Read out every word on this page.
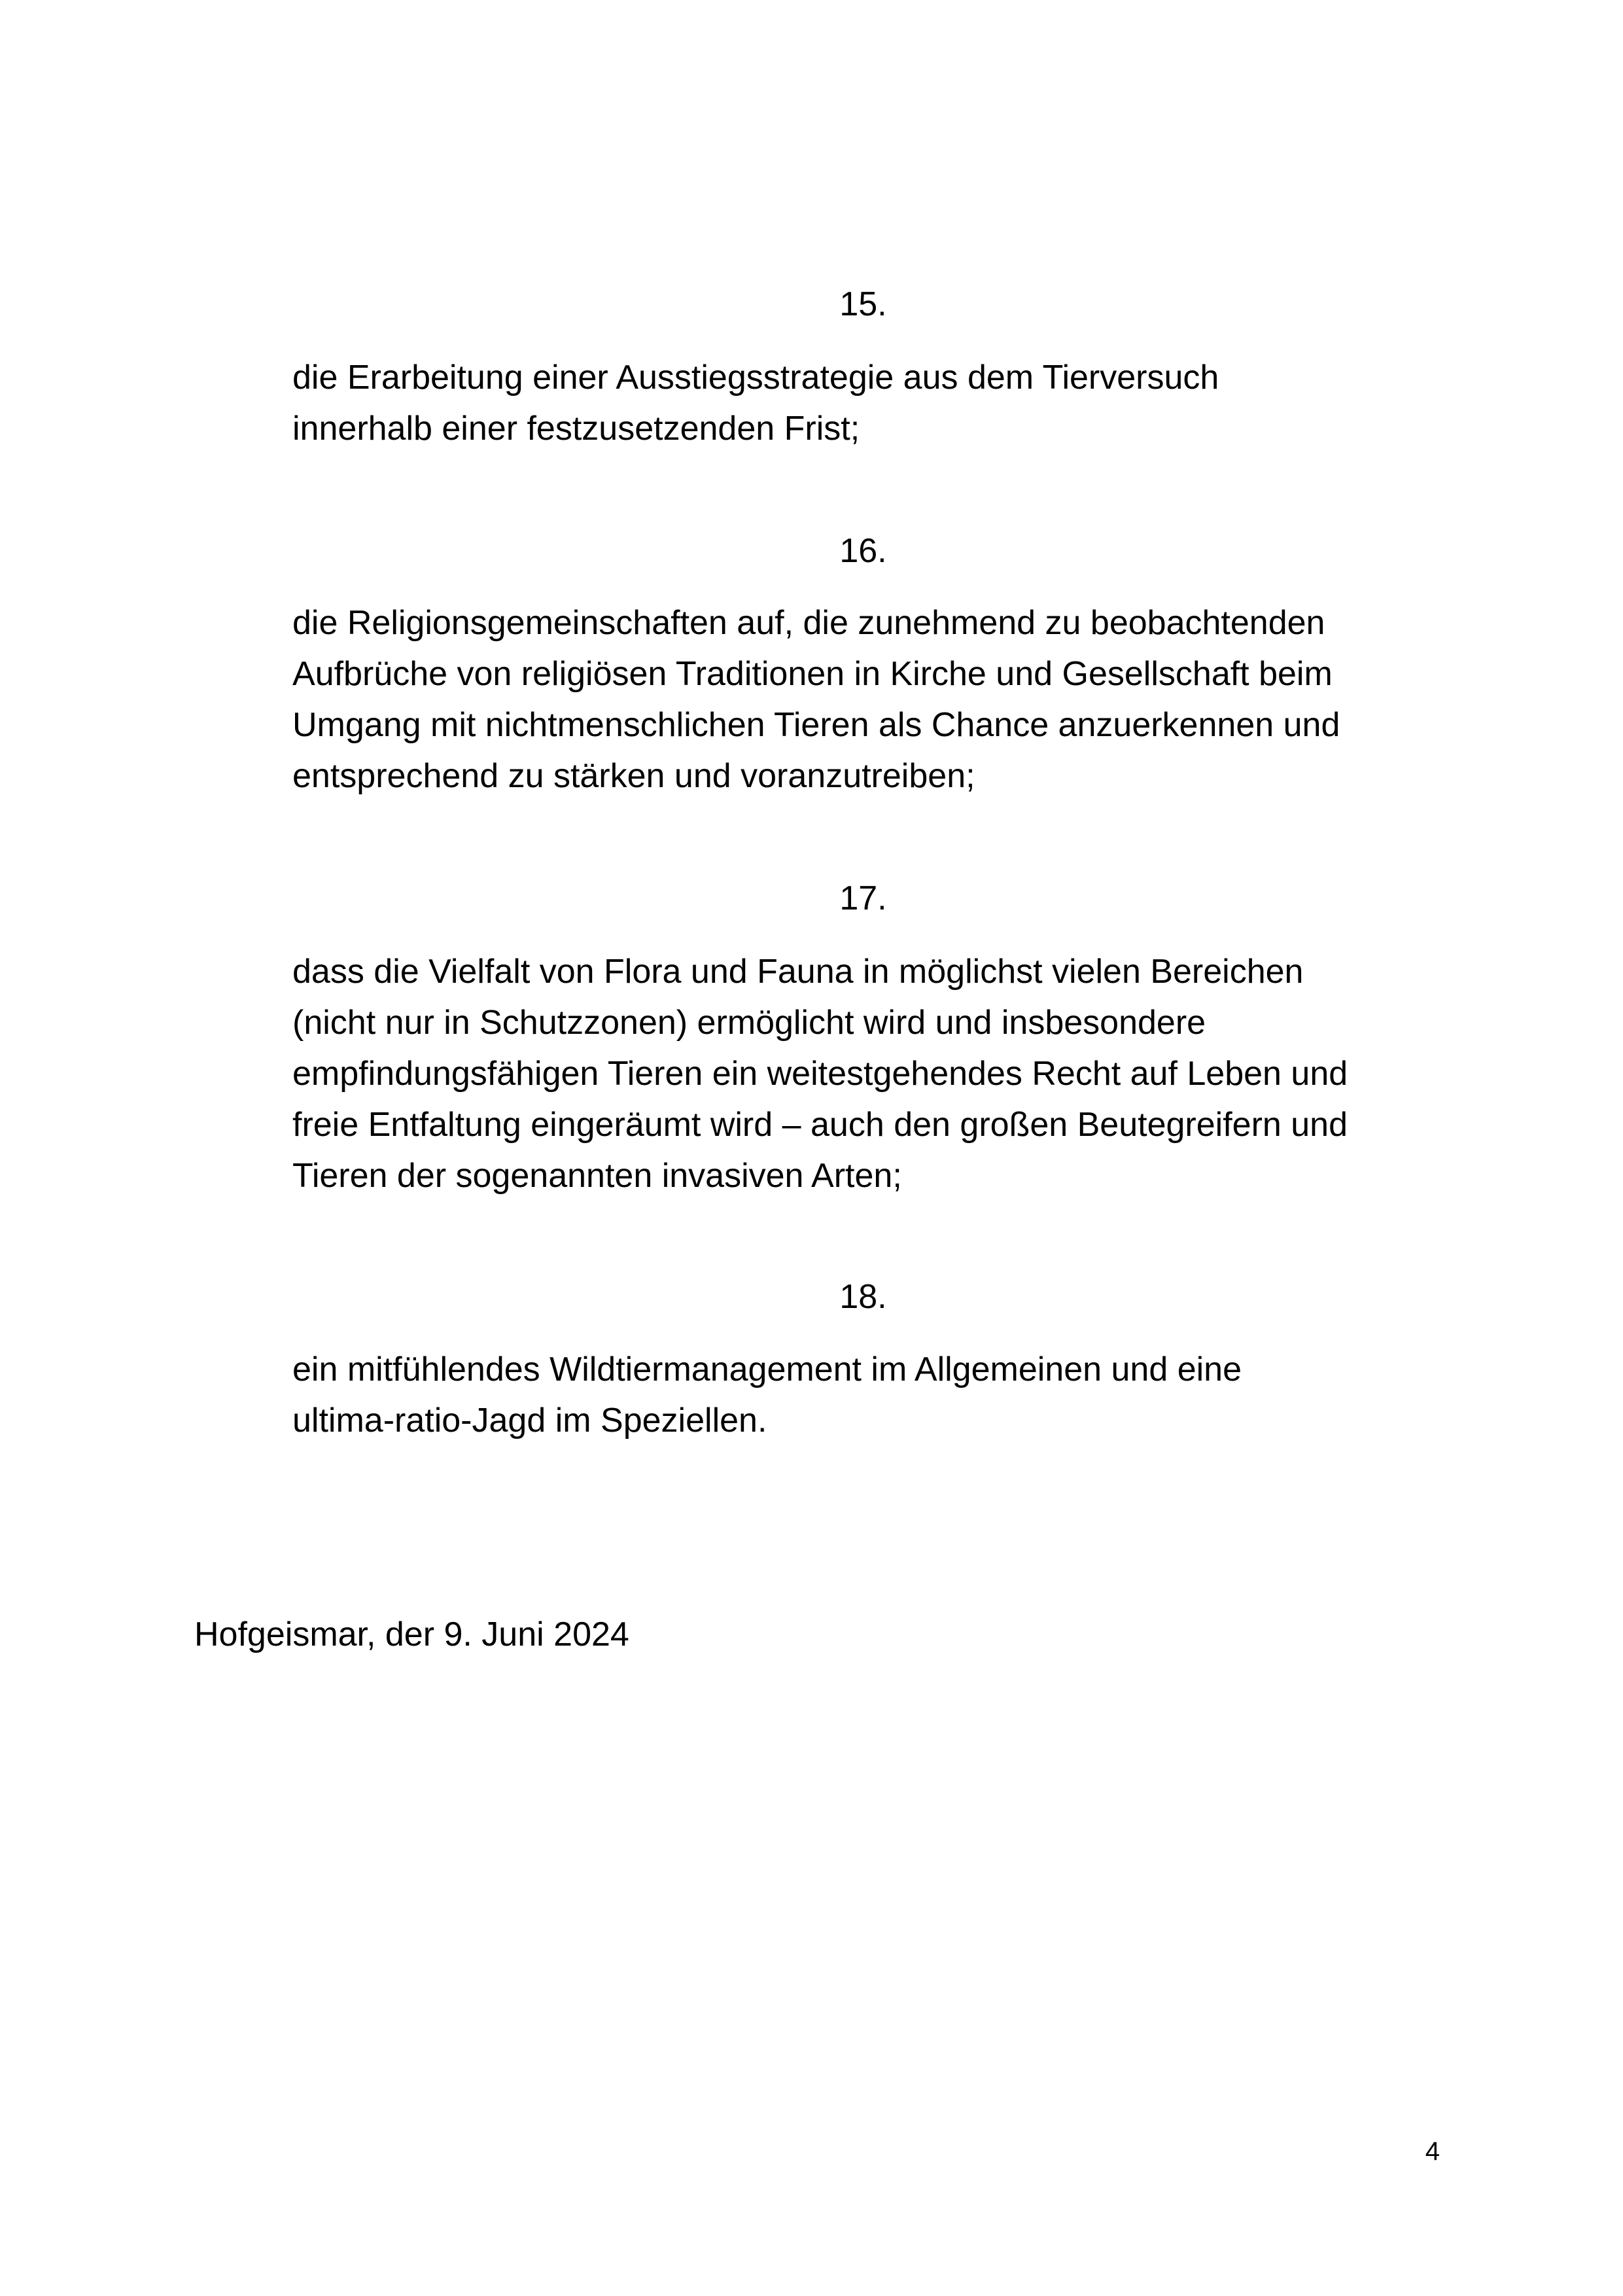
15.

die Erarbeitung einer Ausstiegsstrategie aus dem Tierversuch
innerhalb einer festzusetzenden Frist;

16.

die Religionsgemeinschaften auf, die zunehmend zu beobachtenden
Aufbrüche von religiösen Traditionen in Kirche und Gesellschaft beim
Umgang mit nichtmenschlichen Tieren als Chance anzuerkennen und
entsprechend zu stärken und voranzutreiben;

17.

dass die Vielfalt von Flora und Fauna in möglichst vielen Bereichen
(nicht nur in Schutzzonen) ermöglicht wird und insbesondere
empfindungsfähigen Tieren ein weitestgehendes Recht auf Leben und
freie Entfaltung eingeräumt wird – auch den großen Beutegreifern und
Tieren der sogenannten invasiven Arten;

18.

ein mitfühlendes Wildtiermanagement im Allgemeinen und eine
ultima-ratio-Jagd im Speziellen.

Hofgeismar, der 9. Juni 2024

4
